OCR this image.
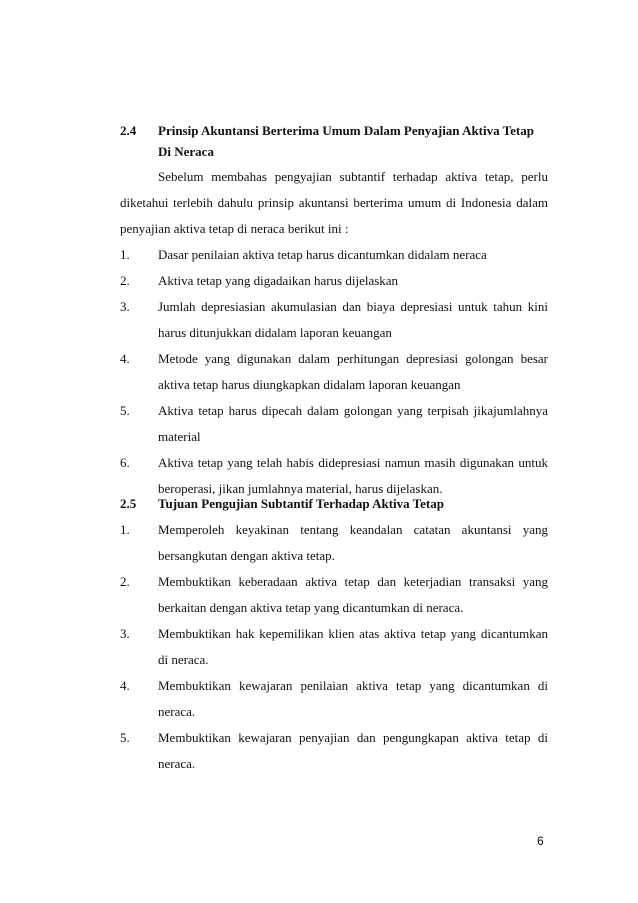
2.4	Prinsip Akuntansi Berterima Umum Dalam Penyajian Aktiva Tetap Di Neraca
Sebelum membahas pengyajian subtantif terhadap aktiva tetap, perlu diketahui terlebih dahulu prinsip akuntansi berterima umum di Indonesia dalam penyajian aktiva tetap di neraca berikut ini :
1.	Dasar penilaian aktiva tetap harus dicantumkan didalam neraca
2.	Aktiva tetap yang digadaikan harus dijelaskan
3.	Jumlah depresiasian akumulasian dan biaya depresiasi untuk tahun kini harus ditunjukkan didalam laporan keuangan
4.	Metode yang digunakan dalam perhitungan depresiasi golongan besar aktiva tetap harus diungkapkan didalam laporan keuangan
5.	Aktiva tetap harus dipecah dalam golongan yang terpisah jikajumlahnya material
6.	Aktiva tetap yang telah habis didepresiasi namun masih digunakan untuk beroperasi, jikan jumlahnya material, harus dijelaskan.
2.5	Tujuan Pengujian Subtantif Terhadap Aktiva Tetap
1.	Memperoleh keyakinan tentang keandalan catatan akuntansi yang bersangkutan dengan aktiva tetap.
2.	Membuktikan keberadaan aktiva tetap dan keterjadian transaksi yang berkaitan dengan aktiva tetap yang dicantumkan di neraca.
3.	Membuktikan hak kepemilikan klien atas aktiva tetap yang dicantumkan di neraca.
4.	Membuktikan kewajaran penilaian aktiva tetap yang dicantumkan di neraca.
5.	Membuktikan kewajaran penyajian dan pengungkapan aktiva tetap di neraca.
6
